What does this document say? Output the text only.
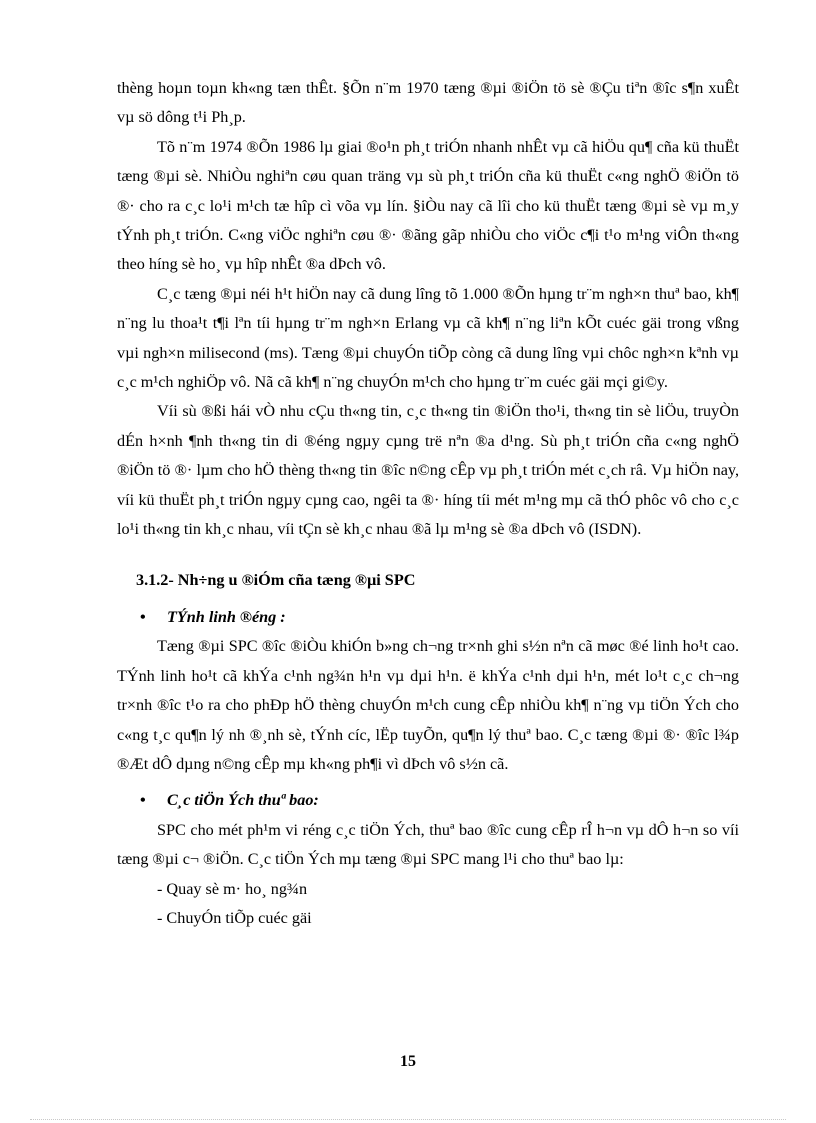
thèng hoµn toµn kh«ng tæn thÊt. §Õn n¨m 1970 tæng ®µi ®iÖn tö sè ®Çu tiªn ®îc s¶n xuÊt vµ sö dông t¹i Ph¸p.

Tõ n¨m 1974 ®Õn 1986 lµ giai ®o¹n ph¸t triÓn nhanh nhÊt vµ cã hiÖu qu¶ cña kü thuËt tæng ®µi sè. NhiÒu nghiªn cøu quan träng vµ sù ph¸t triÓn cña kü thuËt c«ng nghÖ ®iÖn tö ®· cho ra c¸c lo¹i m¹ch tæ hîp cì võa vµ lín. §iÒu nay cã lîi cho kü thuËt tæng ®µi sè vµ m¸y tÝnh ph¸t triÓn. C«ng viÖc nghiªn cøu ®· ®ãng gãp nhiÒu cho viÖc c¶i t¹o m¹ng viÔn th«ng theo híng sè ho¸ vµ hîp nhÊt ®a dÞch vô.

C¸c tæng ®µi néi h¹t hiÖn nay cã dung lîng tõ 1.000 ®Õn hµng tr¨m ngh×n thuª bao, kh¶ n¨ng lu thoa¹t t¶i lªn tíi hµng tr¨m ngh×n Erlang vµ cã kh¶ n¨ng liªn kÕt cuéc gäi trong vßng vµi ngh×n milisecond (ms). Tæng ®µi chuyÓn tiÕp còng cã dung lîng vµi chôc ngh×n kªnh vµ c¸c m¹ch nghiÖp vô. Nã cã kh¶ n¨ng chuyÓn m¹ch cho hµng tr¨m cuéc gäi mçi gi©y.

Víi sù ®ßi hái vÒ nhu cÇu th«ng tin, c¸c th«ng tin ®iÖn tho¹i, th«ng tin sè liÖu, truyÒn dÉn h×nh ¶nh th«ng tin di ®éng ngµy cµng trë nªn ®a d¹ng. Sù ph¸t triÓn cña c«ng nghÖ ®iÖn tö ®· lµm cho hÖ thèng th«ng tin ®îc n©ng cÊp vµ ph¸t triÓn mét c¸ch râ. Vµ hiÖn nay, víi kü thuËt ph¸t triÓn ngµy cµng cao, ngêi ta ®· híng tíi mét m¹ng mµ cã thÓ phôc vô cho c¸c lo¹i th«ng tin kh¸c nhau, víi tÇn sè kh¸c nhau ®ã lµ m¹ng sè ®a dÞch vô (ISDN).

3.1.2- Nh÷ng u ®iÓm cña tæng ®µi SPC
• TÝnh linh ®éng :

Tæng ®µi SPC ®îc ®iÒu khiÓn b»ng ch¬ng tr×nh ghi s½n nªn cã møc ®é linh ho¹t cao. TÝnh linh ho¹t cã khÝa c¹nh ng¾n h¹n vµ dµi h¹n. ë khÝa c¹nh dµi h¹n, mét lo¹t c¸c ch¬ng tr×nh ®îc t¹o ra cho phÐp hÖ thèng chuyÓn m¹ch cung cÊp nhiÒu kh¶ n¨ng vµ tiÖn Ých cho c«ng t¸c qu¶n lý nh ®¸nh sè, tÝnh cíc, lËp tuyÕn, qu¶n lý thuª bao. C¸c tæng ®µi ®· ®îc l¾p ®Æt dÔ dµng n©ng cÊp mµ kh«ng ph¶i vì dÞch vô s½n cã.

• C¸c tiÖn Ých thuª bao:

SPC cho mét ph¹m vi réng c¸c tiÖn Ých, thuª bao ®îc cung cÊp rÎ h¬n vµ dÔ h¬n so víi tæng ®µi c¬ ®iÖn. C¸c tiÖn Ých mµ tæng ®µi SPC mang l¹i cho thuª bao lµ:

- Quay sè m· ho¸ ng¾n

- ChuyÓn tiÕp cuéc gäi

15
